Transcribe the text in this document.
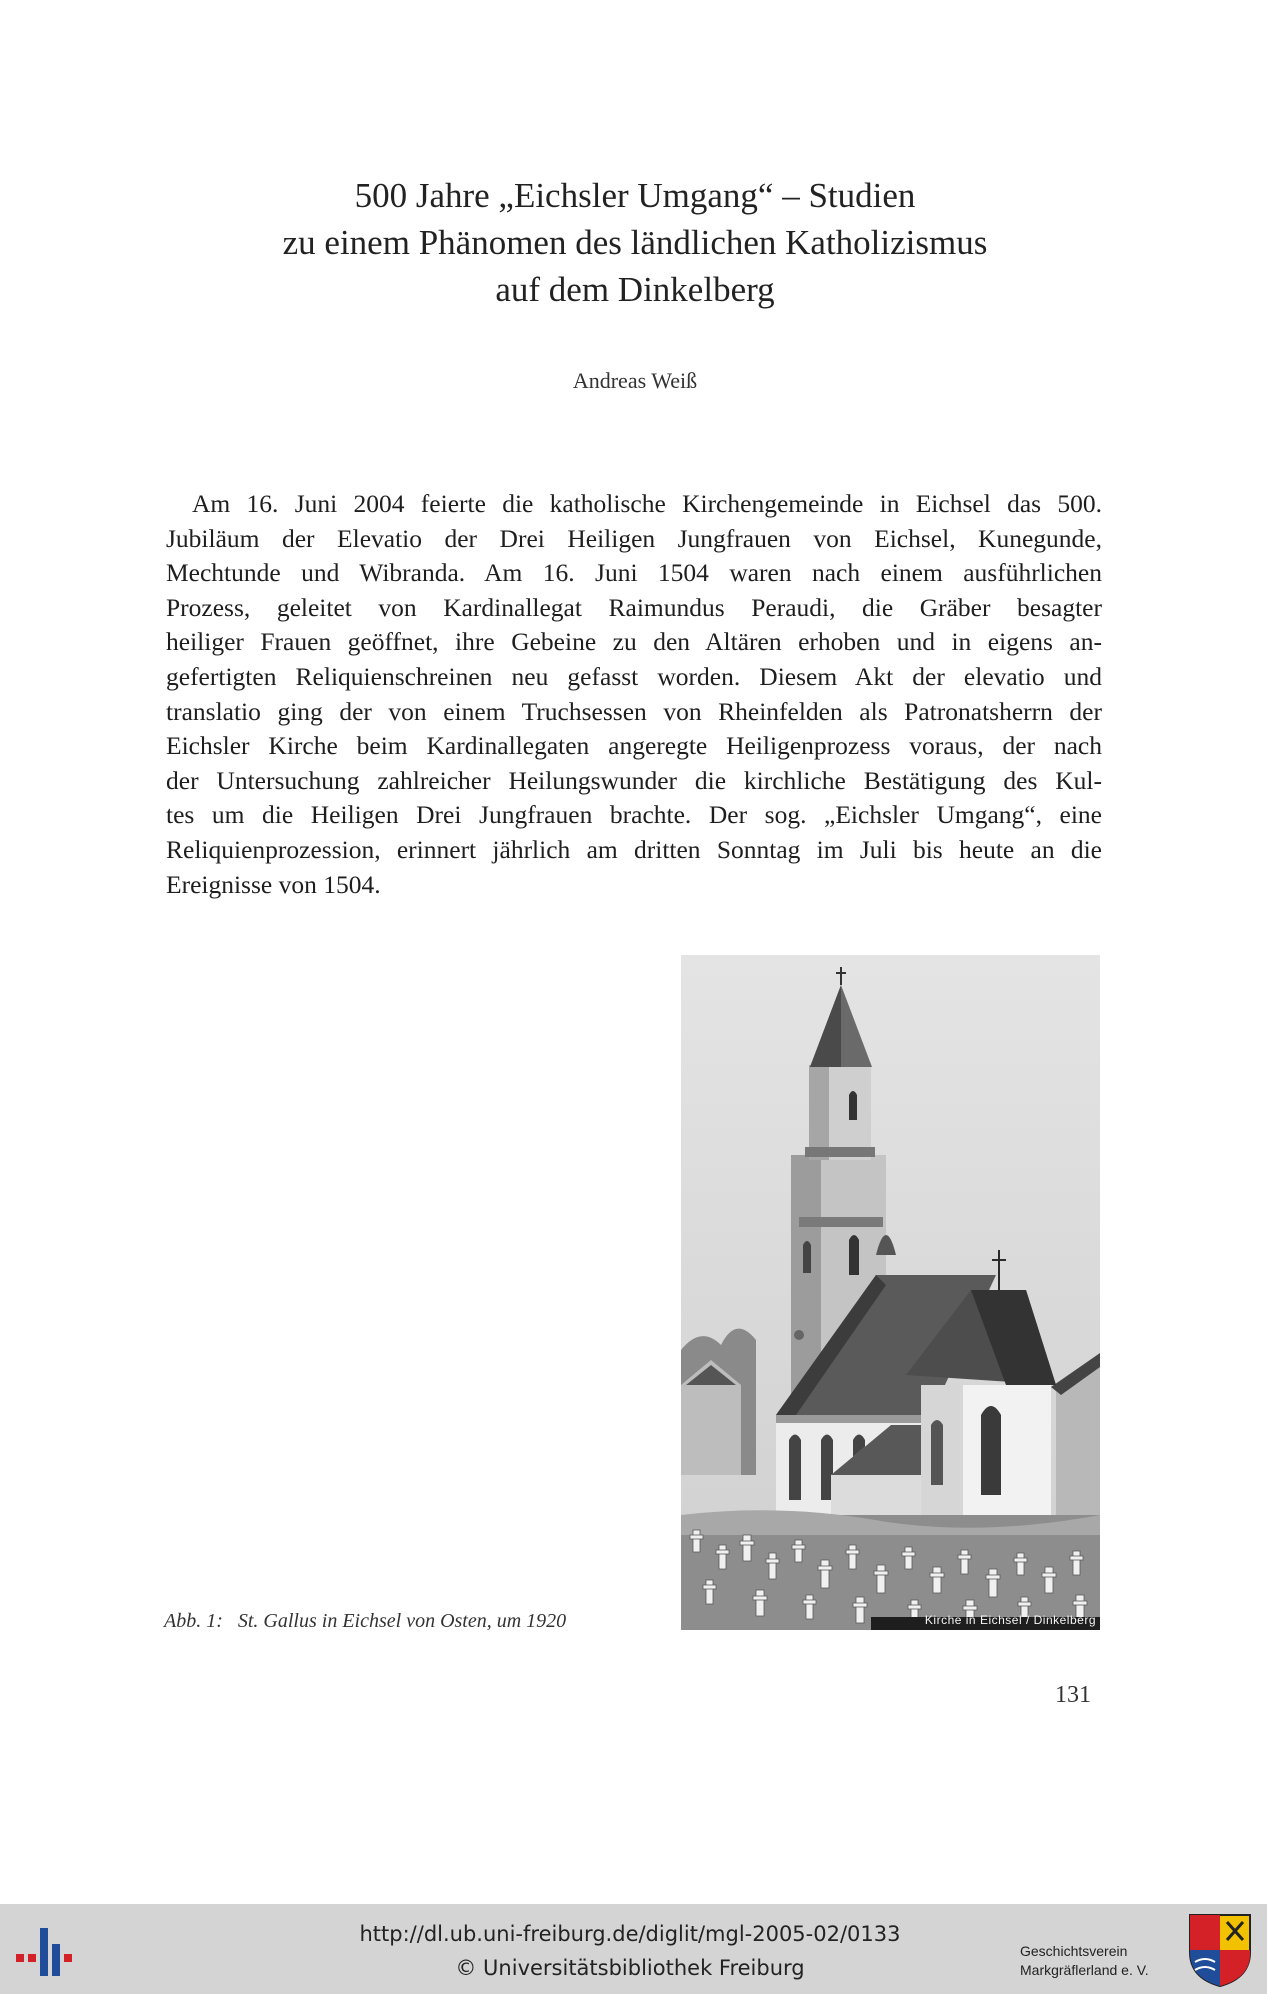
500 Jahre „Eichsler Umgang“ – Studien
zu einem Phänomen des ländlichen Katholizismus
auf dem Dinkelberg
Andreas Weiß

Am 16. Juni 2004 feierte die katholische Kirchengemeinde in Eichsel das 500.
Jubiläum der Elevatio der Drei Heiligen Jungfrauen von Eichsel, Kunegunde,
Mechtunde und Wibranda. Am 16. Juni 1504 waren nach einem ausführlichen
Prozess, geleitet von Kardinallegat Raimundus Peraudi, die Gräber besagter
heiliger Frauen geöffnet, ihre Gebeine zu den Altären erhoben und in eigens an-
gefertigten Reliquienschreinen neu gefasst worden. Diesem Akt der elevatio und
translatio ging der von einem Truchsessen von Rheinfelden als Patronatsherrn der
Eichsler Kirche beim Kardinallegaten angeregte Heiligenprozess voraus, der nach
der Untersuchung zahlreicher Heilungswunder die kirchliche Bestätigung des Kul-
tes um die Heiligen Drei Jungfrauen brachte. Der sog. „Eichsler Umgang“, eine
Reliquienprozession, erinnert jährlich am dritten Sonntag im Juli bis heute an die
Ereignisse von 1504.

Kirche in Eichsel / Dinkelberg
Abb. 1:   St. Gallus in Eichsel von Osten, um 1920
131
http://dl.ub.uni-freiburg.de/diglit/mgl-2005-02/0133
© Universitätsbibliothek Freiburg
Geschichtsverein
Markgräflerland e. V.
